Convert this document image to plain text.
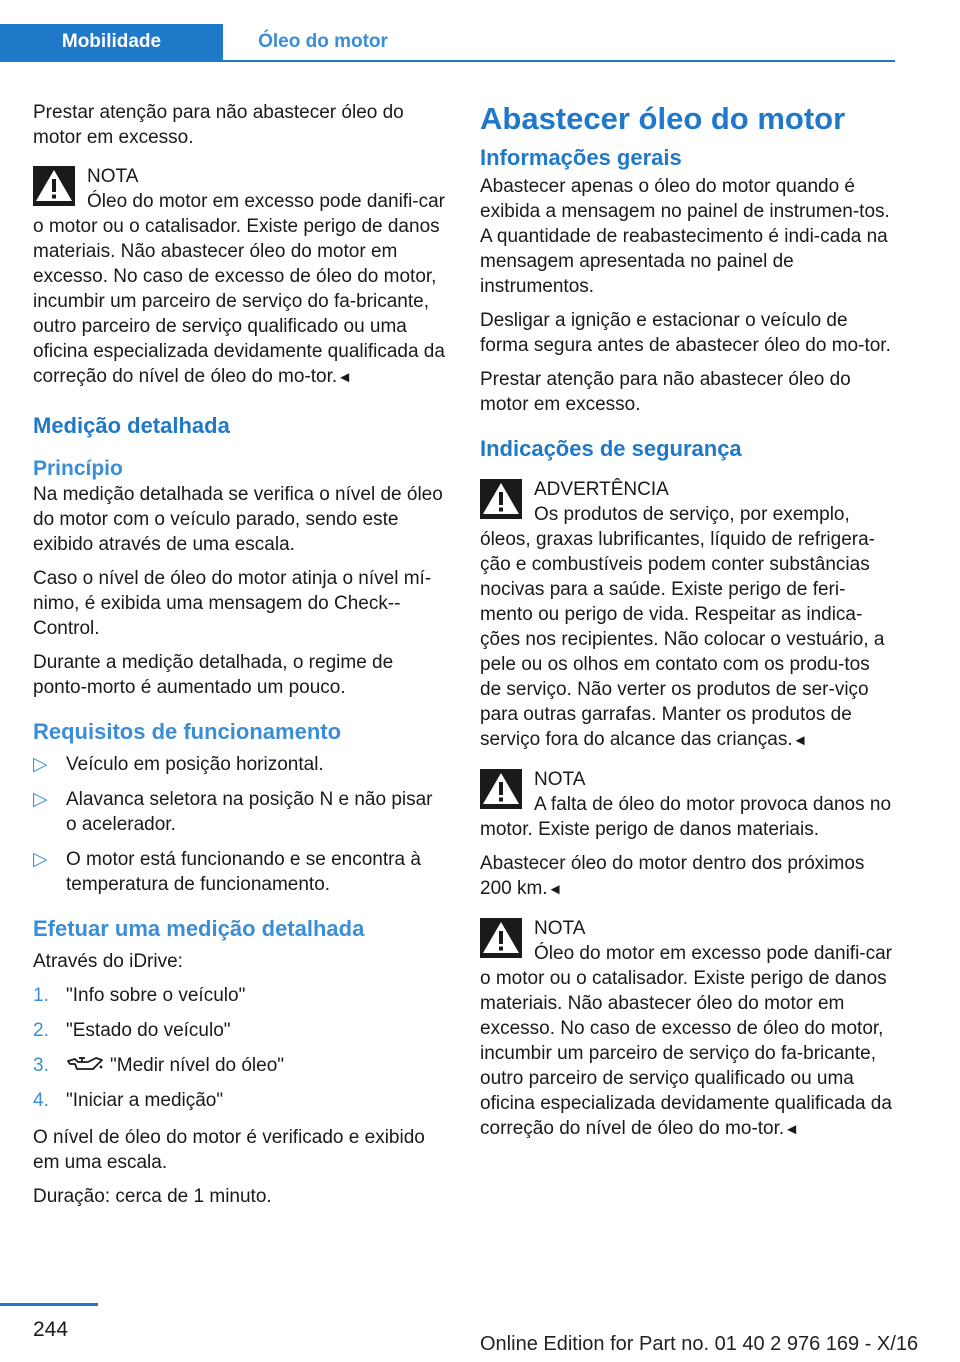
Mobilidade	Óleo do motor

Prestar atenção para não abastecer óleo do motor em excesso.

NOTA
Óleo do motor em excesso pode danifi-car o motor ou o catalisador. Existe perigo de danos materiais. Não abastecer óleo do motor em excesso. No caso de excesso de óleo do motor, incumbir um parceiro de serviço do fa-bricante, outro parceiro de serviço qualificado ou uma oficina especializada devidamente qualificada da correção do nível de óleo do mo-tor.◄
Medição detalhada
Princípio

Na medição detalhada se verifica o nível de óleo do motor com o veículo parado, sendo este exibido através de uma escala.

Caso o nível de óleo do motor atinja o nível mí-nimo, é exibida uma mensagem do Check--Control.

Durante a medição detalhada, o regime de ponto-morto é aumentado um pouco.

Requisitos de funcionamento
▷ Veículo em posição horizontal.
▷ Alavanca seletora na posição N e não pisar o acelerador.
▷ O motor está funcionando e se encontra à temperatura de funcionamento.
Efetuar uma medição detalhada

Através do iDrive:

1. "Info sobre o veículo"
2. "Estado do veículo"
3.	"Medir nível do óleo"
4. "Iniciar a medição"

O nível de óleo do motor é verificado e exibido em uma escala.

Duração: cerca de 1 minuto.

Abastecer óleo do motor
Informações gerais

Abastecer apenas o óleo do motor quando é exibida a mensagem no painel de instrumen-tos. A quantidade de reabastecimento é indi-cada na mensagem apresentada no painel de instrumentos.

Desligar a ignição e estacionar o veículo de forma segura antes de abastecer óleo do mo-tor.

Prestar atenção para não abastecer óleo do motor em excesso.

Indicações de segurança
ADVERTÊNCIA
Os produtos de serviço, por exemplo, óleos, graxas lubrificantes, líquido de refrigera-ção e combustíveis podem conter substâncias nocivas para a saúde. Existe perigo de feri-mento ou perigo de vida. Respeitar as indica-ções nos recipientes. Não colocar o vestuário, a pele ou os olhos em contato com os produ-tos de serviço. Não verter os produtos de ser-viço para outras garrafas. Manter os produtos de serviço fora do alcance das crianças.◄
NOTA
A falta de óleo do motor provoca danos no motor. Existe perigo de danos materiais.

Abastecer óleo do motor dentro dos próximos 200 km.◄

NOTA
Óleo do motor em excesso pode danifi-car o motor ou o catalisador. Existe perigo de danos materiais. Não abastecer óleo do motor em excesso. No caso de excesso de óleo do motor, incumbir um parceiro de serviço do fa-bricante, outro parceiro de serviço qualificado ou uma oficina especializada devidamente qualificada da correção do nível de óleo do mo-tor.◄
244
Online Edition for Part no. 01 40 2 976 169 - X/16
